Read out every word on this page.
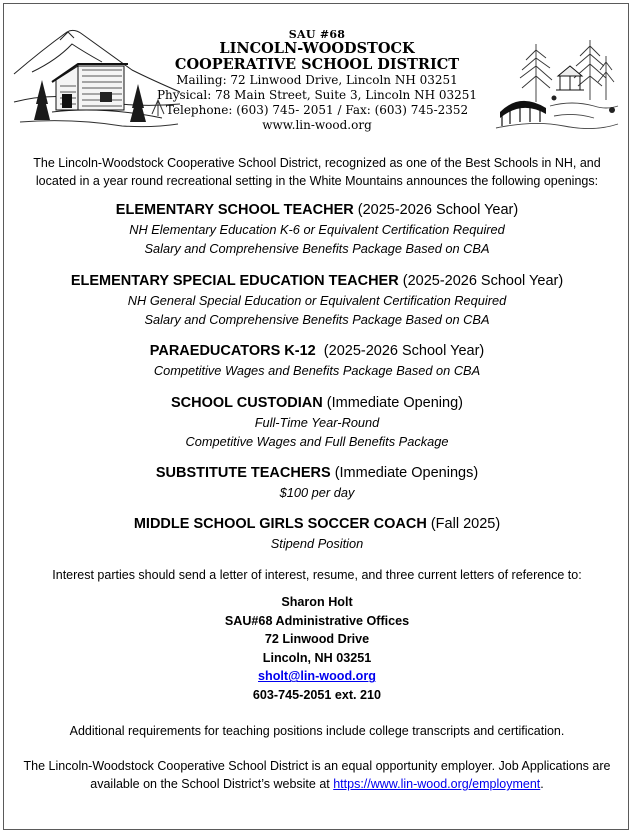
SAU #68
LINCOLN-WOODSTOCK
COOPERATIVE SCHOOL DISTRICT
Mailing: 72 Linwood Drive, Lincoln NH 03251
Physical: 78 Main Street, Suite 3, Lincoln NH 03251
Telephone: (603) 745- 2051 / Fax: (603) 745-2352
www.lin-wood.org
The Lincoln-Woodstock Cooperative School District, recognized as one of the Best Schools in NH, and
located in a year round recreational setting in the White Mountains announces the following openings:
ELEMENTARY SCHOOL TEACHER (2025-2026 School Year)
NH Elementary Education K-6 or Equivalent Certification Required
Salary and Comprehensive Benefits Package Based on CBA
ELEMENTARY SPECIAL EDUCATION TEACHER (2025-2026 School Year)
NH General Special Education or Equivalent Certification Required
Salary and Comprehensive Benefits Package Based on CBA
PARAEDUCATORS K-12 (2025-2026 School Year)
Competitive Wages and Benefits Package Based on CBA
SCHOOL CUSTODIAN (Immediate Opening)
Full-Time Year-Round
Competitive Wages and Full Benefits Package
SUBSTITUTE TEACHERS (Immediate Openings)
$100 per day
MIDDLE SCHOOL GIRLS SOCCER COACH (Fall 2025)
Stipend Position
Interest parties should send a letter of interest, resume, and three current letters of reference to:
Sharon Holt
SAU#68 Administrative Offices
72 Linwood Drive
Lincoln, NH 03251
sholt@lin-wood.org
603-745-2051 ext. 210
Additional requirements for teaching positions include college transcripts and certification.
The Lincoln-Woodstock Cooperative School District is an equal opportunity employer. Job Applications are
available on the School District’s website at https://www.lin-wood.org/employment.
